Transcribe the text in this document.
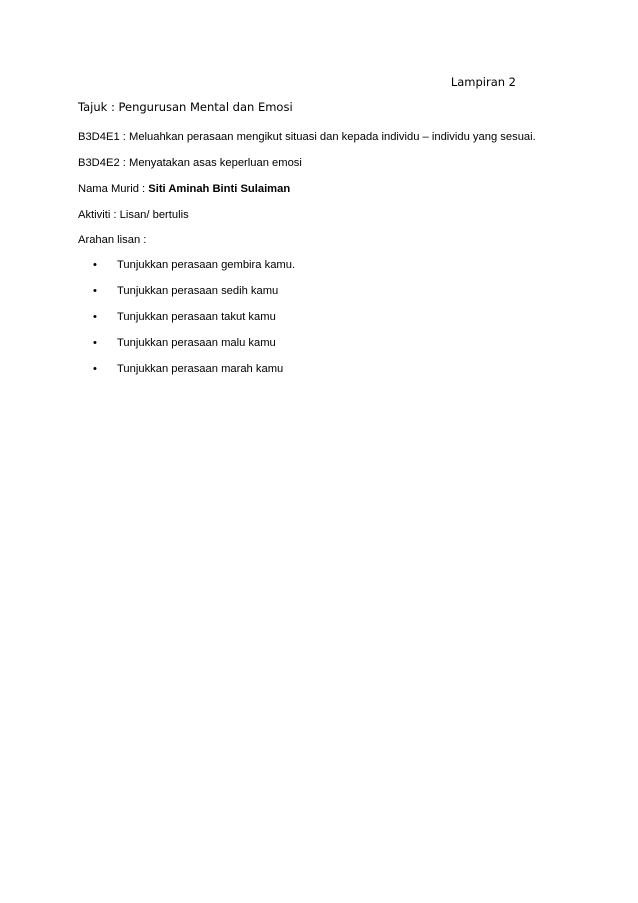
Lampiran 2
Tajuk : Pengurusan Mental dan Emosi
B3D4E1 : Meluahkan perasaan mengikut situasi dan kepada individu – individu yang sesuai.
B3D4E2 : Menyatakan asas keperluan emosi
Nama Murid : Siti Aminah Binti Sulaiman
Aktiviti : Lisan/ bertulis
Arahan lisan :
• Tunjukkan perasaan gembira kamu.
• Tunjukkan perasaan sedih kamu
• Tunjukkan perasaan takut kamu
• Tunjukkan perasaan malu kamu
• Tunjukkan perasaan marah kamu
